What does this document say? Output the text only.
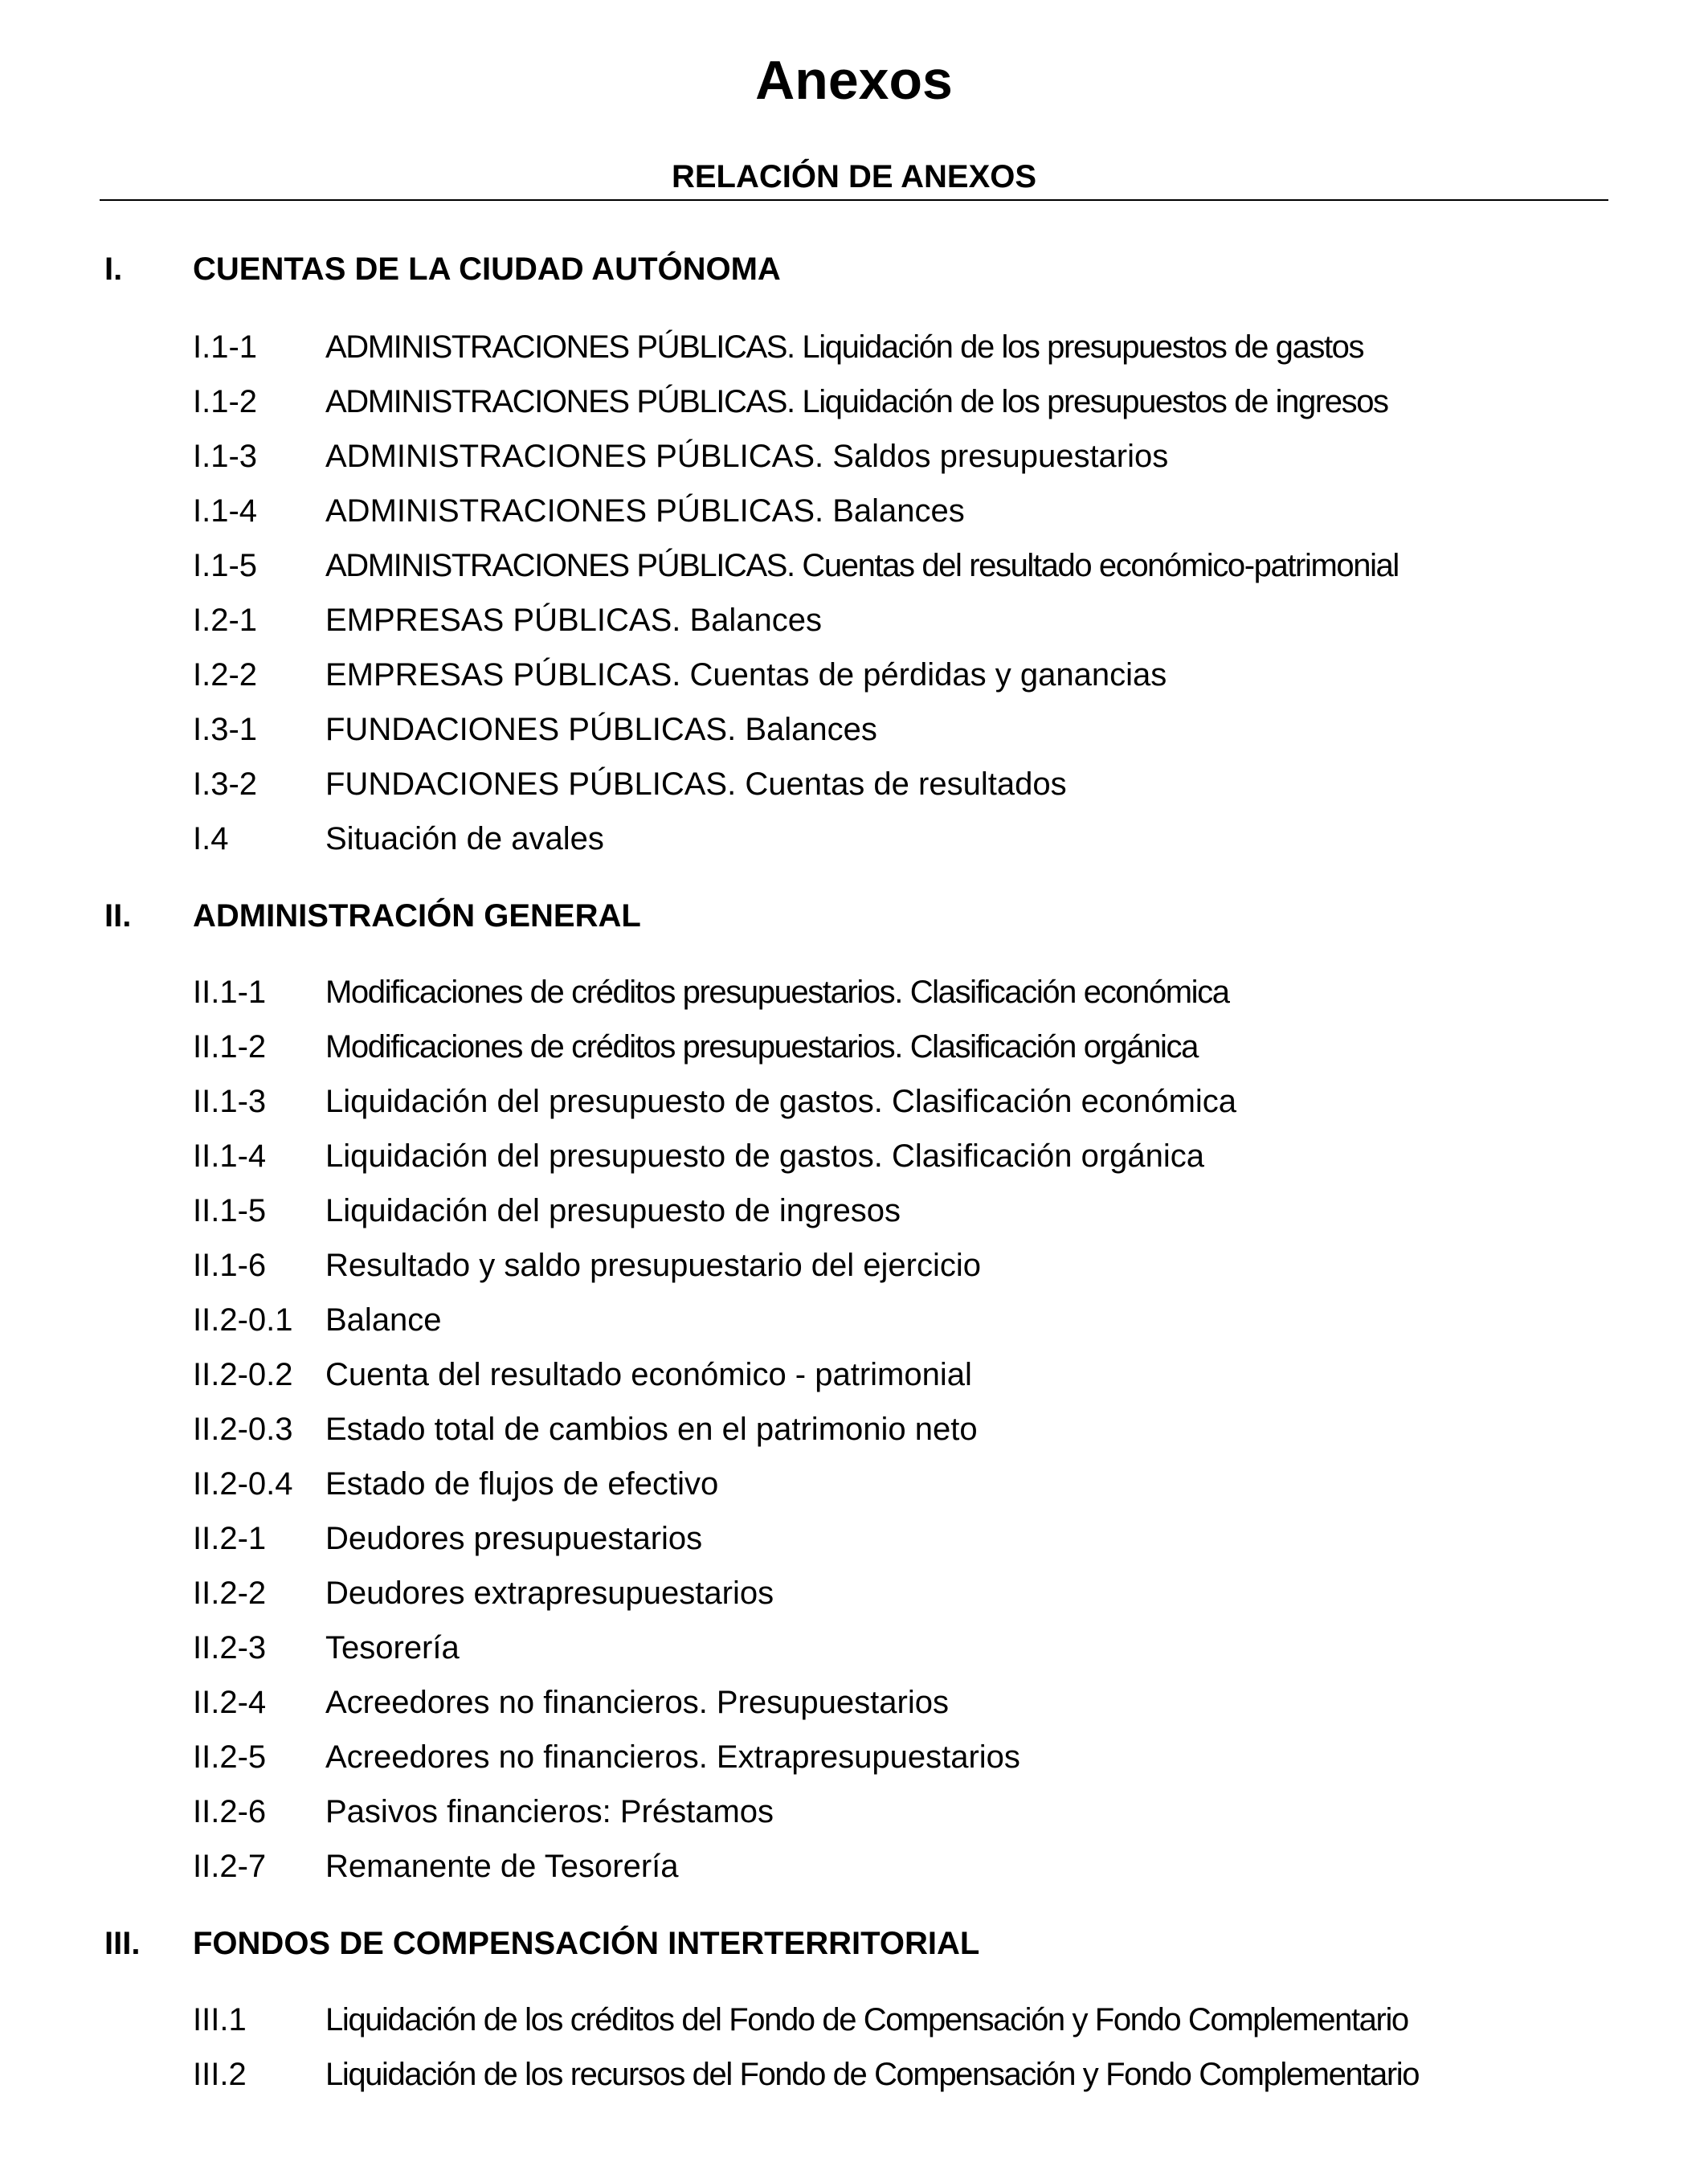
Anexos
RELACIÓN DE ANEXOS
I. CUENTAS DE LA CIUDAD AUTÓNOMA
I.1-1 ADMINISTRACIONES PÚBLICAS. Liquidación de los presupuestos de gastos
I.1-2 ADMINISTRACIONES PÚBLICAS. Liquidación de los presupuestos de ingresos
I.1-3 ADMINISTRACIONES PÚBLICAS. Saldos presupuestarios
I.1-4 ADMINISTRACIONES PÚBLICAS. Balances
I.1-5 ADMINISTRACIONES PÚBLICAS. Cuentas del resultado económico-patrimonial
I.2-1 EMPRESAS PÚBLICAS. Balances
I.2-2 EMPRESAS PÚBLICAS. Cuentas de pérdidas y ganancias
I.3-1 FUNDACIONES PÚBLICAS. Balances
I.3-2 FUNDACIONES PÚBLICAS. Cuentas de resultados
I.4	Situación de avales
II. ADMINISTRACIÓN GENERAL
II.1-1 Modificaciones de créditos presupuestarios. Clasificación económica
II.1-2 Modificaciones de créditos presupuestarios. Clasificación orgánica
II.1-3 Liquidación del presupuesto de gastos. Clasificación económica
II.1-4 Liquidación del presupuesto de gastos. Clasificación orgánica
II.1-5 Liquidación del presupuesto de ingresos
II.1-6 Resultado y saldo presupuestario del ejercicio
II.2-0.1 Balance
II.2-0.2 Cuenta del resultado económico - patrimonial
II.2-0.3 Estado total de cambios en el patrimonio neto
II.2-0.4 Estado de flujos de efectivo
II.2-1 Deudores presupuestarios
II.2-2 Deudores extrapresupuestarios
II.2-3 Tesorería
II.2-4 Acreedores no financieros. Presupuestarios
II.2-5 Acreedores no financieros. Extrapresupuestarios
II.2-6 Pasivos financieros: Préstamos
II.2-7 Remanente de Tesorería
III. FONDOS DE COMPENSACIÓN INTERTERRITORIAL
III.1 Liquidación de los créditos del Fondo de Compensación y Fondo Complementario
III.2 Liquidación de los recursos del Fondo de Compensación y Fondo Complementario
